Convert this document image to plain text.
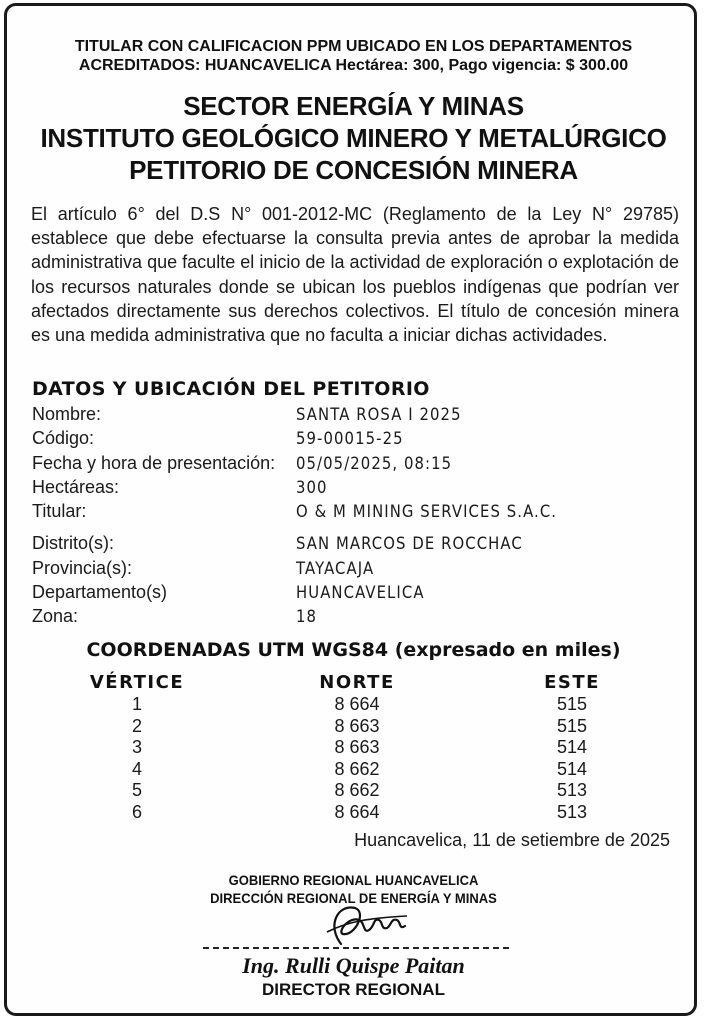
TITULAR CON CALIFICACION PPM UBICADO EN LOS DEPARTAMENTOS
ACREDITADOS: HUANCAVELICA Hectárea: 300, Pago vigencia: $ 300.00
SECTOR ENERGÍA Y MINAS
INSTITUTO GEOLÓGICO MINERO Y METALÚRGICO
PETITORIO DE CONCESIÓN MINERA
El artículo 6° del D.S N° 001-2012-MC (Reglamento de la Ley N° 29785) establece que debe efectuarse la consulta previa antes de aprobar la medida administrativa que faculte el inicio de la actividad de exploración o explotación de los recursos naturales donde se ubican los pueblos indígenas que podrían ver afectados directamente sus derechos colectivos. El título de concesión minera es una medida administrativa que no faculta a iniciar dichas actividades.
DATOS Y UBICACIÓN DEL PETITORIO
Nombre:	SANTA ROSA I 2025
Código:	59-00015-25
Fecha y hora de presentación: 05/05/2025, 08:15
Hectáreas:	300
Titular:	O & M MINING SERVICES S.A.C.
Distrito(s):	SAN MARCOS DE ROCCHAC
Provincia(s):	TAYACAJA
Departamento(s)	HUANCAVELICA
Zona:	18
COORDENADAS UTM WGS84 (expresado en miles)
VÉRTICE	NORTE	ESTE
1	8 664	515
2	8 663	515
3	8 663	514
4	8 662	514
5	8 662	513
6	8 664	513
Huancavelica, 11 de setiembre de 2025
GOBIERNO REGIONAL HUANCAVELICA
DIRECCIÓN REGIONAL DE ENERGÍA Y MINAS
Ing. Rulli Quispe Paitan
DIRECTOR REGIONAL
